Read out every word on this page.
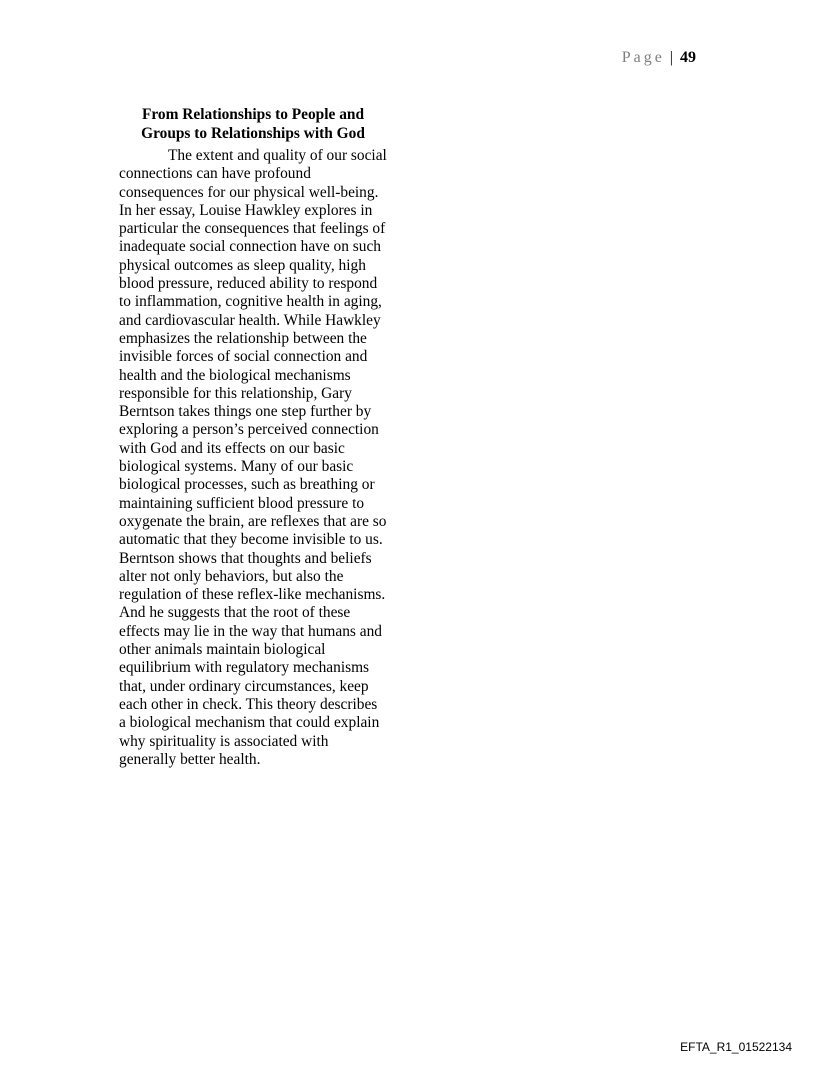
Page | 49
From Relationships to People and Groups to Relationships with God

The extent and quality of our social connections can have profound consequences for our physical well-being. In her essay, Louise Hawkley explores in particular the consequences that feelings of inadequate social connection have on such physical outcomes as sleep quality, high blood pressure, reduced ability to respond to inflammation, cognitive health in aging, and cardiovascular health. While Hawkley emphasizes the relationship between the invisible forces of social connection and health and the biological mechanisms responsible for this relationship, Gary Berntson takes things one step further by exploring a person’s perceived connection with God and its effects on our basic biological systems. Many of our basic biological processes, such as breathing or maintaining sufficient blood pressure to oxygenate the brain, are reflexes that are so automatic that they become invisible to us. Berntson shows that thoughts and beliefs alter not only behaviors, but also the regulation of these reflex-like mechanisms. And he suggests that the root of these effects may lie in the way that humans and other animals maintain biological equilibrium with regulatory mechanisms that, under ordinary circumstances, keep each other in check. This theory describes a biological mechanism that could explain why spirituality is associated with generally better health.

EFTA_R1_01522134
